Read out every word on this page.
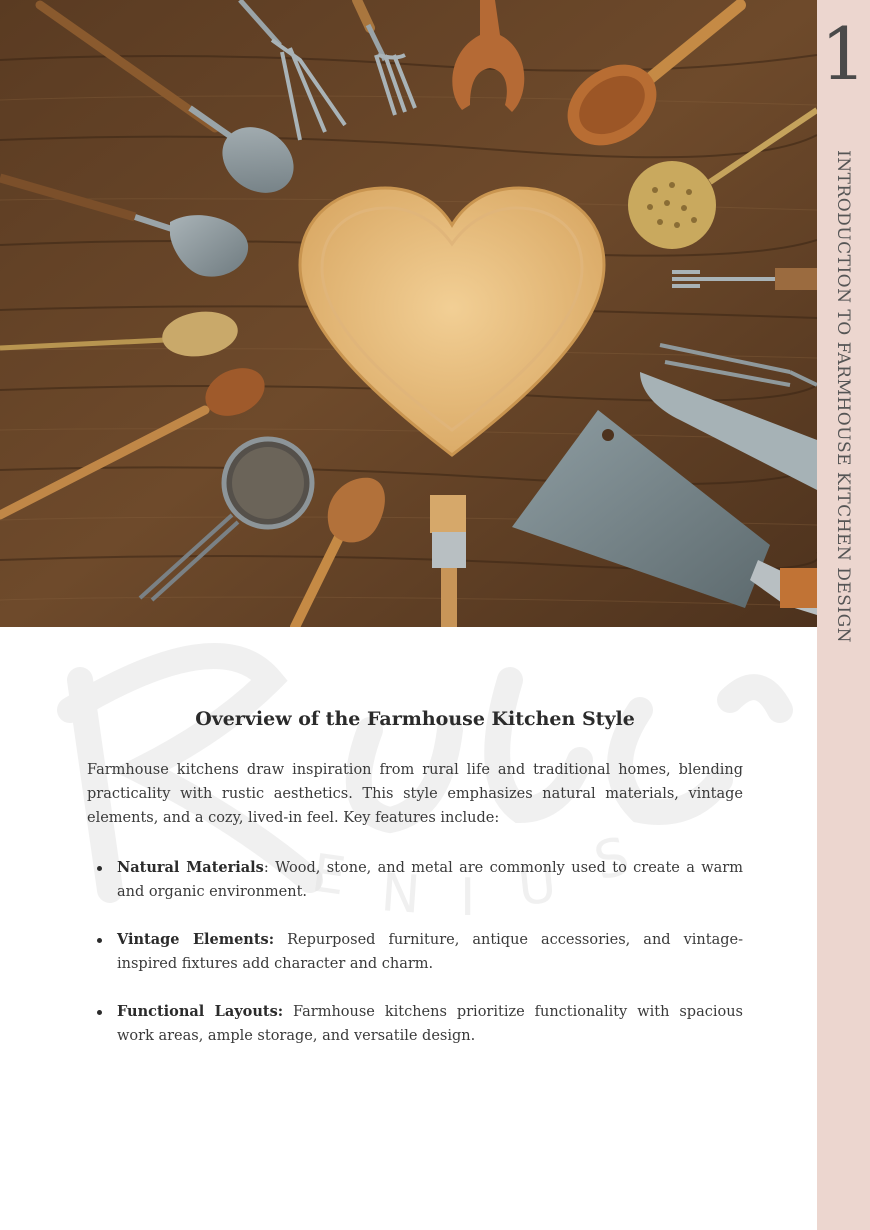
1
INTRODUCTION TO FARMHOUSE KITCHEN DESIGN
E N I U S
Overview of the Farmhouse Kitchen Style

Farmhouse kitchens draw inspiration from rural life and traditional homes, blending practicality with rustic aesthetics. This style emphasizes natural materials, vintage elements, and a cozy, lived-in feel. Key features include:

Natural Materials: Wood, stone, and metal are commonly used to create a warm and organic environment.
Vintage Elements: Repurposed furniture, antique accessories, and vintage-inspired fixtures add character and charm.
Functional Layouts: Farmhouse kitchens prioritize functionality with spacious work areas, ample storage, and versatile design.
